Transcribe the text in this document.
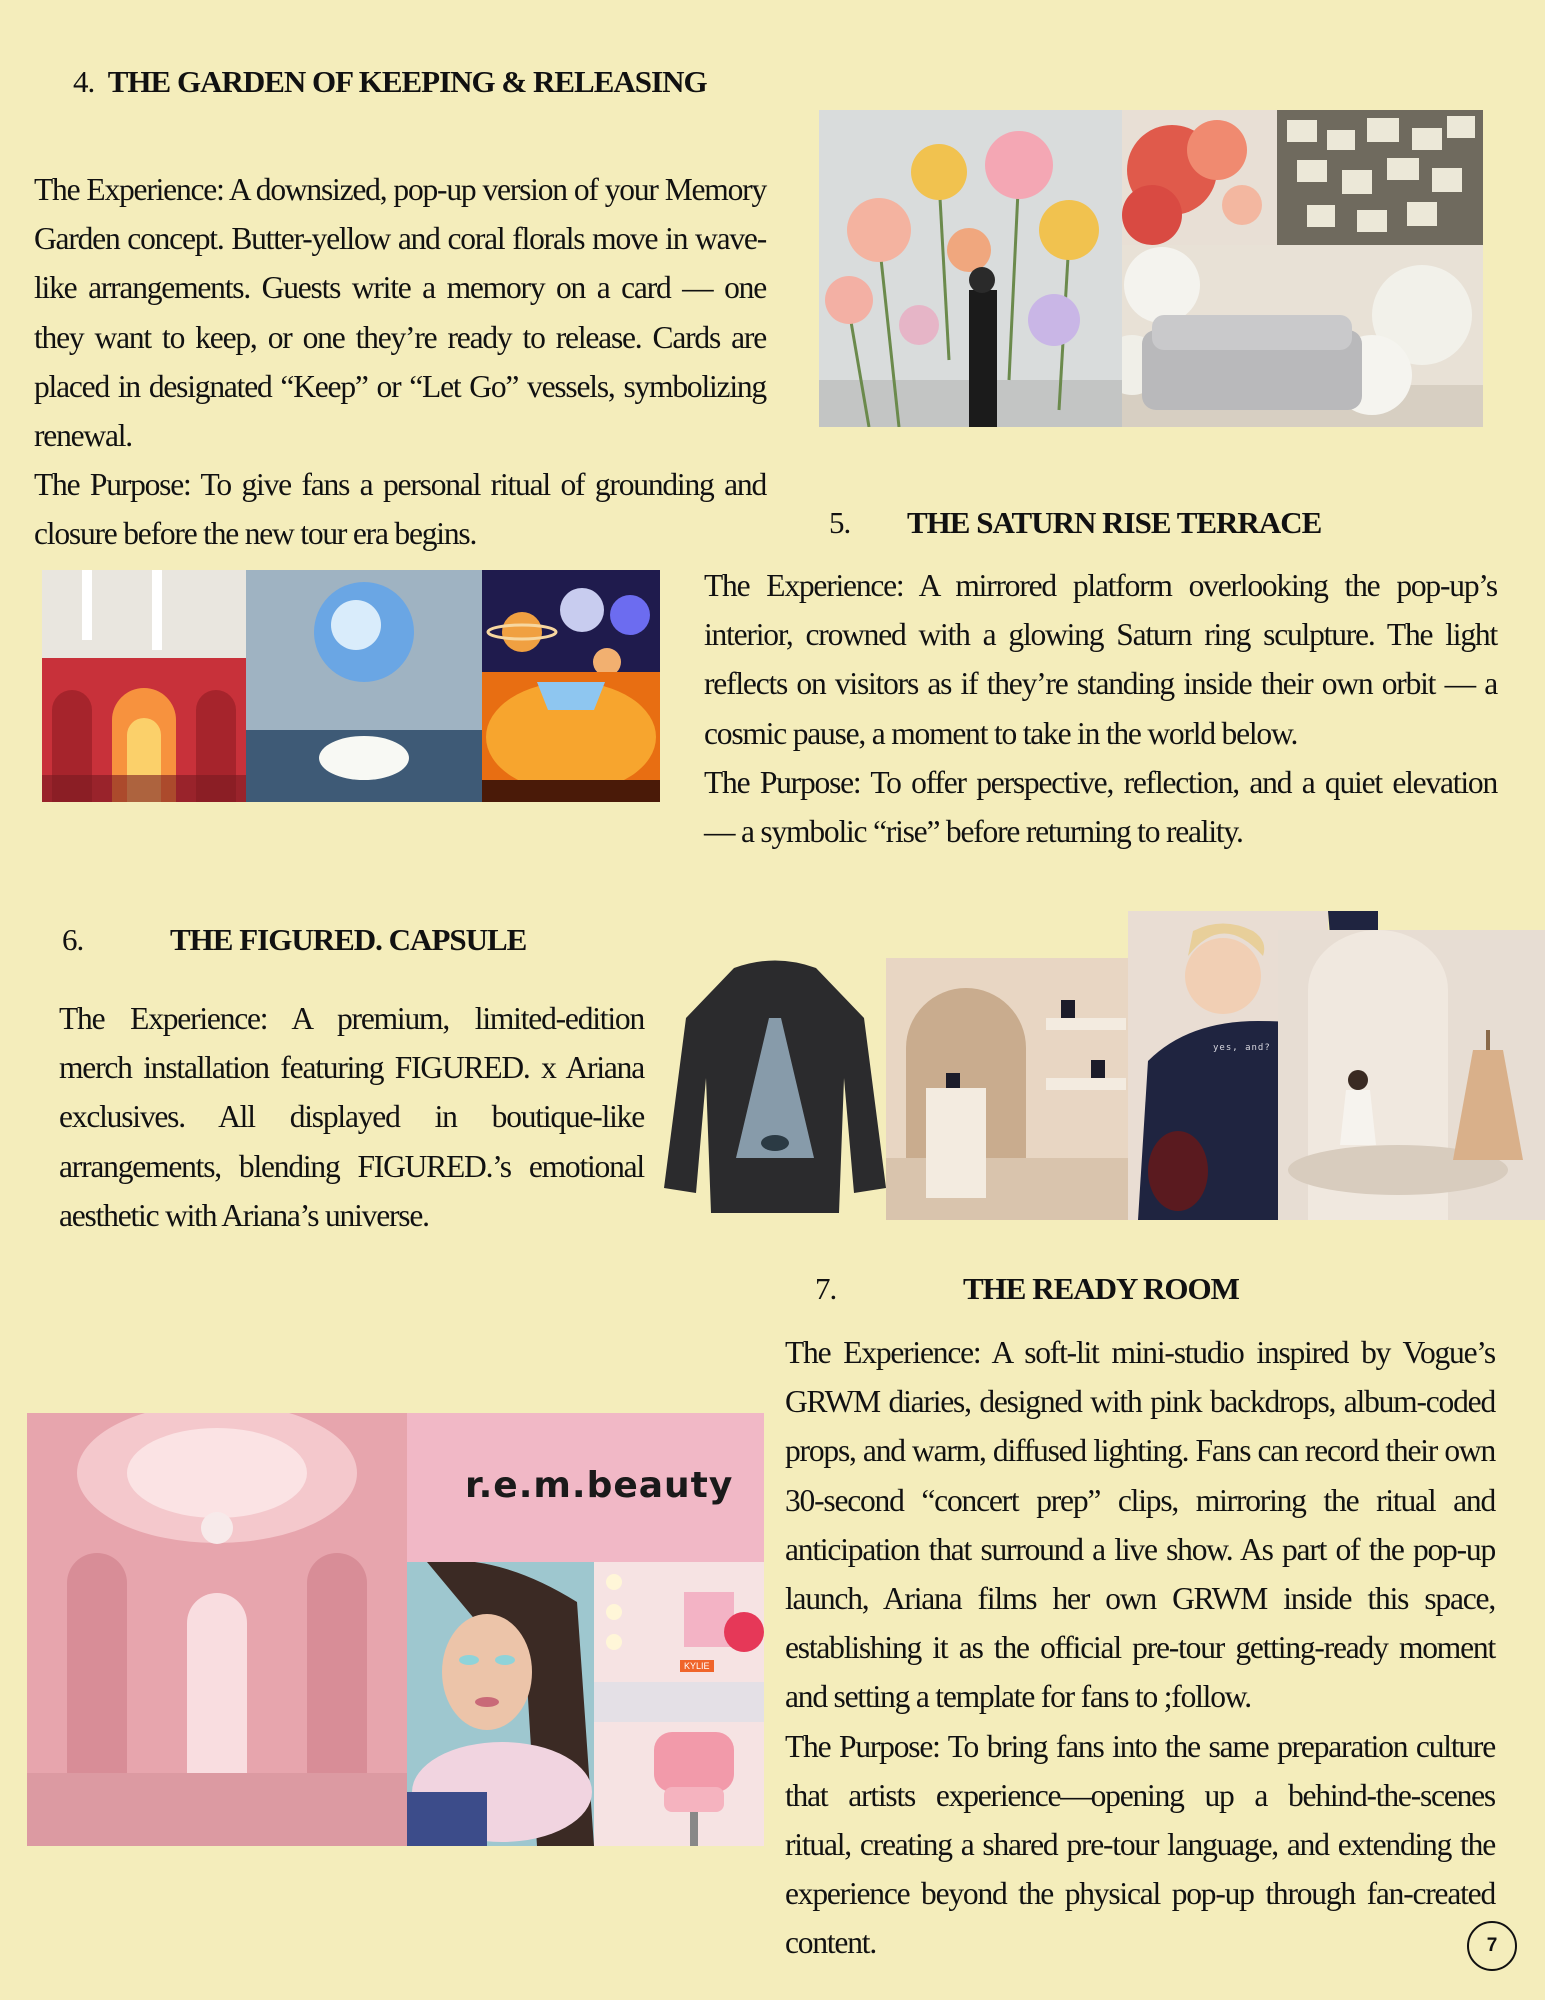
4. THE GARDEN OF KEEPING & RELEASING

The Experience: A downsized, pop-up version of your Memory Garden concept. Butter-yellow and coral florals move in wave-like arrangements. Guests write a memory on a card — one they want to keep, or one they’re ready to release. Cards are placed in designated “Keep” or “Let Go” vessels, symbolizing renewal.

The Purpose: To give fans a personal ritual of grounding and closure before the new tour era begins.	5. THE SATURN RISE TERRACE

The Experience: A mirrored platform overlooking the pop-up’s interior, crowned with a glowing Saturn ring sculpture. The light reflects on visitors as if they’re standing inside their own orbit — a cosmic pause, a moment to take in the world below.

The Purpose: To offer perspective, reflection, and a quiet elevation — a symbolic “rise” before returning to reality.

6.	THE FIGURED. CAPSULE

The Experience: A premium, limited-edition merch installation featuring FIGURED. x Ariana exclusives. All displayed in boutique-like arrangements, blending FIGURED.’s emotional aesthetic with Ariana’s universe.

yes, and?
7.	THE READY ROOM

The Experience: A soft-lit mini-studio inspired by Vogue’s GRWM diaries, designed with pink backdrops, album-coded props, and warm, diffused lighting. Fans can record their own 30-second “concert prep” clips, mirroring the ritual and anticipation that surround a live show. As part of the pop-up launch, Ariana films her own GRWM inside this space, establishing it as the official pre-tour getting-ready moment and setting a template for fans to ;follow.

The Purpose: To bring fans into the same preparation culture that artists experience—opening up a behind-the-scenes ritual, creating a shared pre-tour language, and extending the experience beyond the physical pop-up through fan-created content.

r.e.m.beauty
KYLIE
7
